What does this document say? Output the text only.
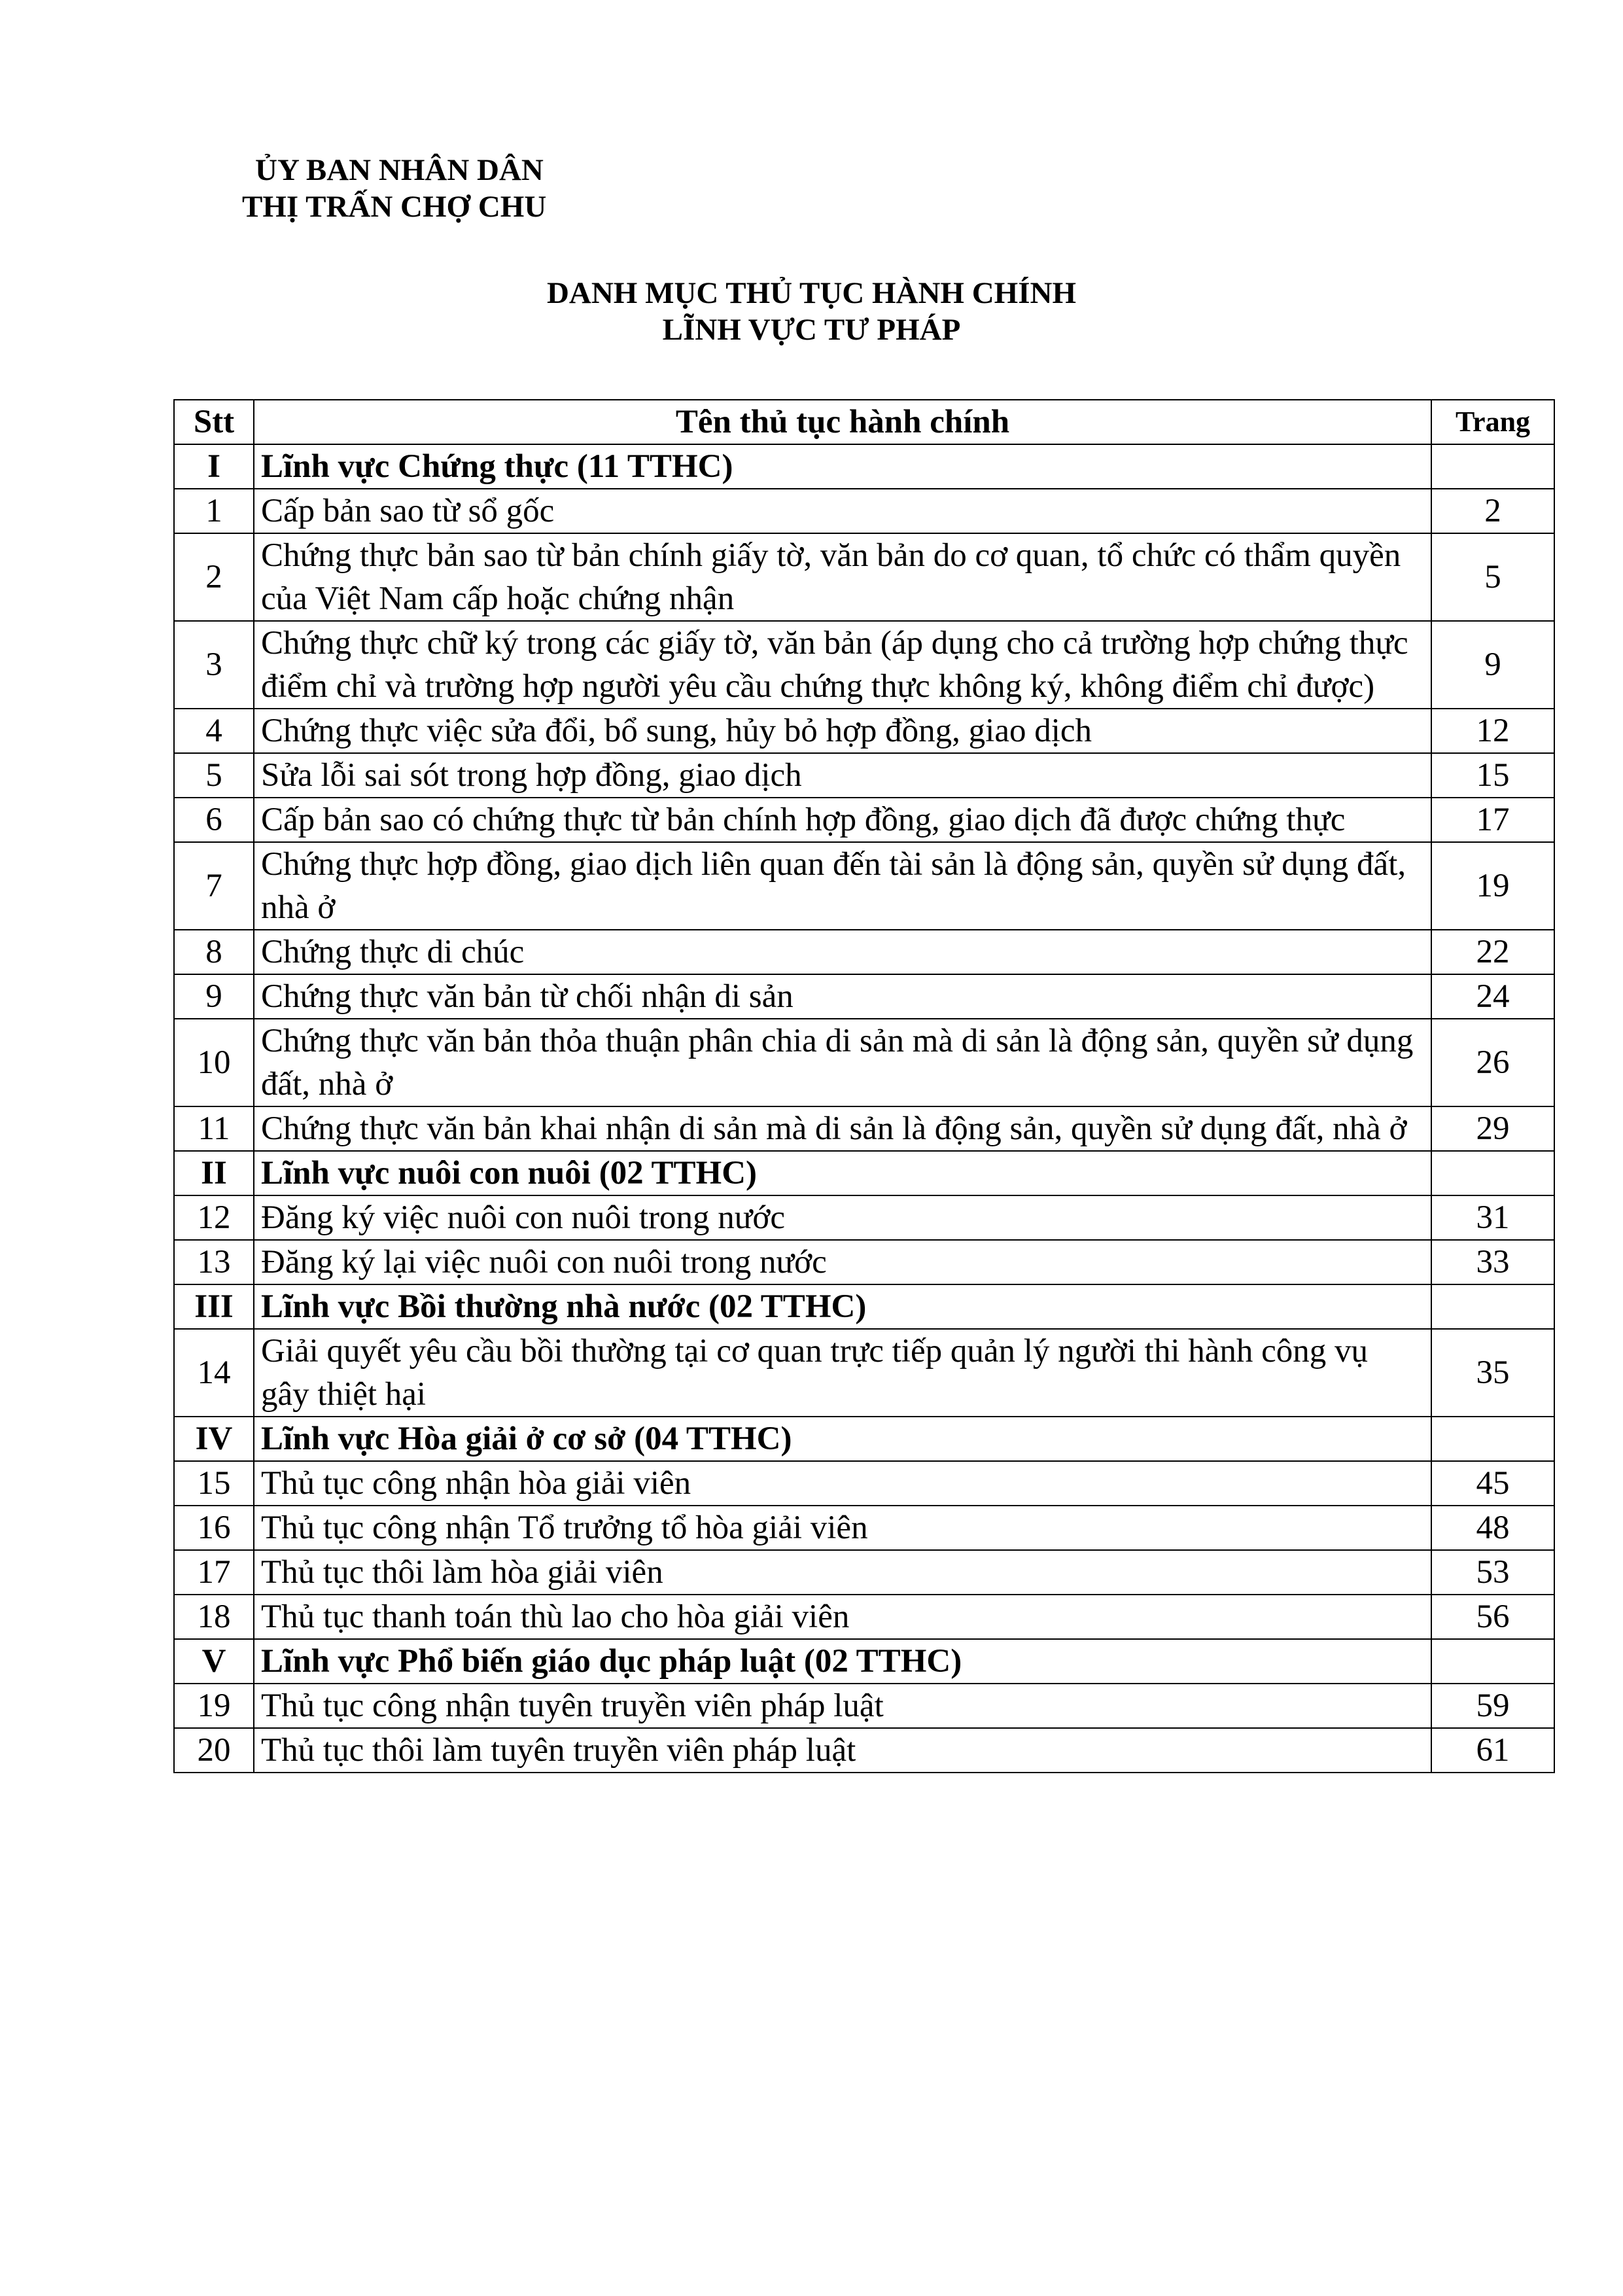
ỦY BAN NHÂN DÂN
THỊ TRẤN CHỢ CHU
DANH MỤC THỦ TỤC HÀNH CHÍNH
LĨNH VỰC TƯ PHÁP
Stt	Tên thủ tục hành chính	Trang
I	Lĩnh vực Chứng thực (11 TTHC)	
1	Cấp bản sao từ sổ gốc	2
2	Chứng thực bản sao từ bản chính giấy tờ, văn bản do cơ quan, tổ chức có thẩm quyền của Việt Nam cấp hoặc chứng nhận	5
3	Chứng thực chữ ký trong các giấy tờ, văn bản (áp dụng cho cả trường hợp chứng thực điểm chỉ và trường hợp người yêu cầu chứng thực không ký, không điểm chỉ được)	9
4	Chứng thực việc sửa đổi, bổ sung, hủy bỏ hợp đồng, giao dịch	12
5	Sửa lỗi sai sót trong hợp đồng, giao dịch	15
6	Cấp bản sao có chứng thực từ bản chính hợp đồng, giao dịch đã được chứng thực	17
7	Chứng thực hợp đồng, giao dịch liên quan đến tài sản là động sản, quyền sử dụng đất, nhà ở	19
8	Chứng thực di chúc	22
9	Chứng thực văn bản từ chối nhận di sản	24
10	Chứng thực văn bản thỏa thuận phân chia di sản mà di sản là động sản, quyền sử dụng đất, nhà ở	26
11	Chứng thực văn bản khai nhận di sản mà di sản là động sản, quyền sử dụng đất, nhà ở	29
II	Lĩnh vực nuôi con nuôi (02 TTHC)	
12	Đăng ký việc nuôi con nuôi trong nước	31
13	Đăng ký lại việc nuôi con nuôi trong nước	33
III	Lĩnh vực Bồi thường nhà nước (02 TTHC)	
14	Giải quyết yêu cầu bồi thường tại cơ quan trực tiếp quản lý người thi hành công vụ gây thiệt hại	35
IV	Lĩnh vực Hòa giải ở cơ sở (04 TTHC)	
15	Thủ tục công nhận hòa giải viên	45
16	Thủ tục công nhận Tổ trưởng tổ hòa giải viên	48
17	Thủ tục thôi làm hòa giải viên	53
18	Thủ tục thanh toán thù lao cho hòa giải viên	56
V	Lĩnh vực Phổ biến giáo dục pháp luật (02 TTHC)	
19	Thủ tục công nhận tuyên truyền viên pháp luật	59
20	Thủ tục thôi làm tuyên truyền viên pháp luật	61
